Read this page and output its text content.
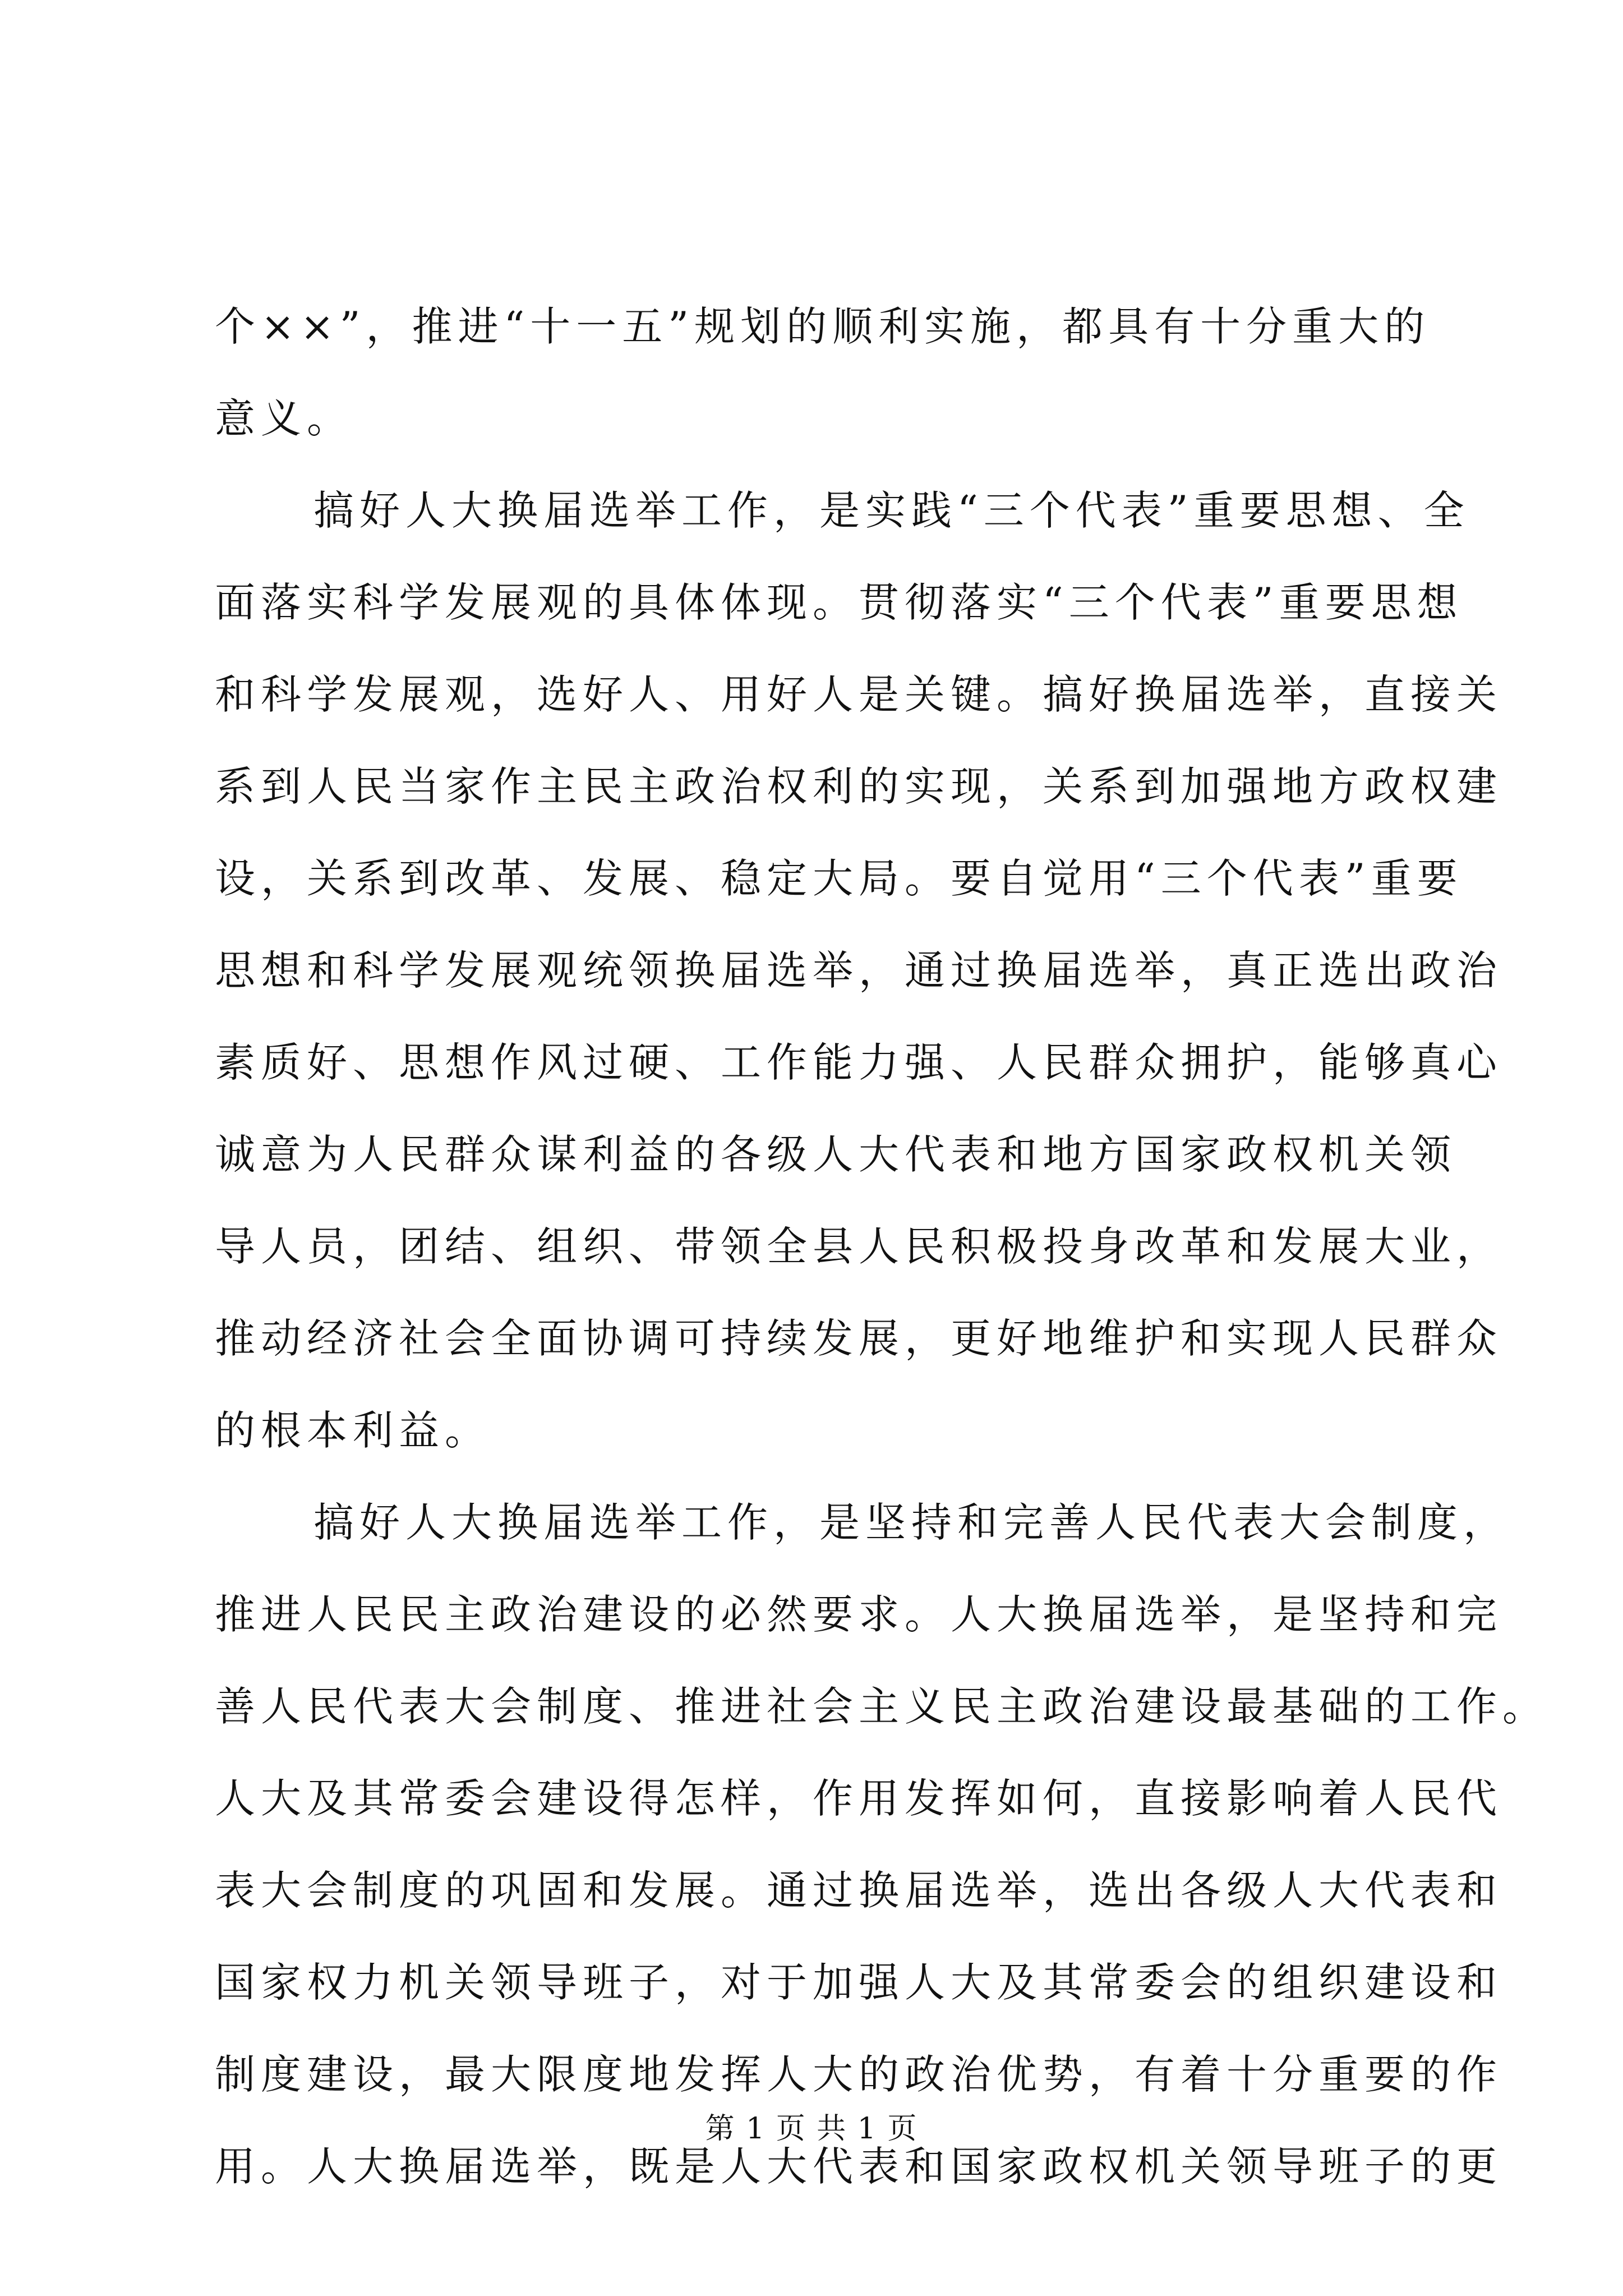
个××”，推进“十一五”规划的顺利实施，都具有十分重大的
意义。
搞好人大换届选举工作，是实践“三个代表”重要思想、全
面落实科学发展观的具体体现。贯彻落实“三个代表”重要思想
和科学发展观，选好人、用好人是关键。搞好换届选举，直接关
系到人民当家作主民主政治权利的实现，关系到加强地方政权建
设，关系到改革、发展、稳定大局。要自觉用“三个代表”重要
思想和科学发展观统领换届选举，通过换届选举，真正选出政治
素质好、思想作风过硬、工作能力强、人民群众拥护，能够真心
诚意为人民群众谋利益的各级人大代表和地方国家政权机关领
导人员，团结、组织、带领全县人民积极投身改革和发展大业，
推动经济社会全面协调可持续发展，更好地维护和实现人民群众
的根本利益。
搞好人大换届选举工作，是坚持和完善人民代表大会制度，
推进人民民主政治建设的必然要求。人大换届选举，是坚持和完
善人民代表大会制度、推进社会主义民主政治建设最基础的工作。
人大及其常委会建设得怎样，作用发挥如何，直接影响着人民代
表大会制度的巩固和发展。通过换届选举，选出各级人大代表和
国家权力机关领导班子，对于加强人大及其常委会的组织建设和
制度建设，最大限度地发挥人大的政治优势，有着十分重要的作
用。人大换届选举，既是人大代表和国家政权机关领导班子的更
第 1 页 共 1 页
